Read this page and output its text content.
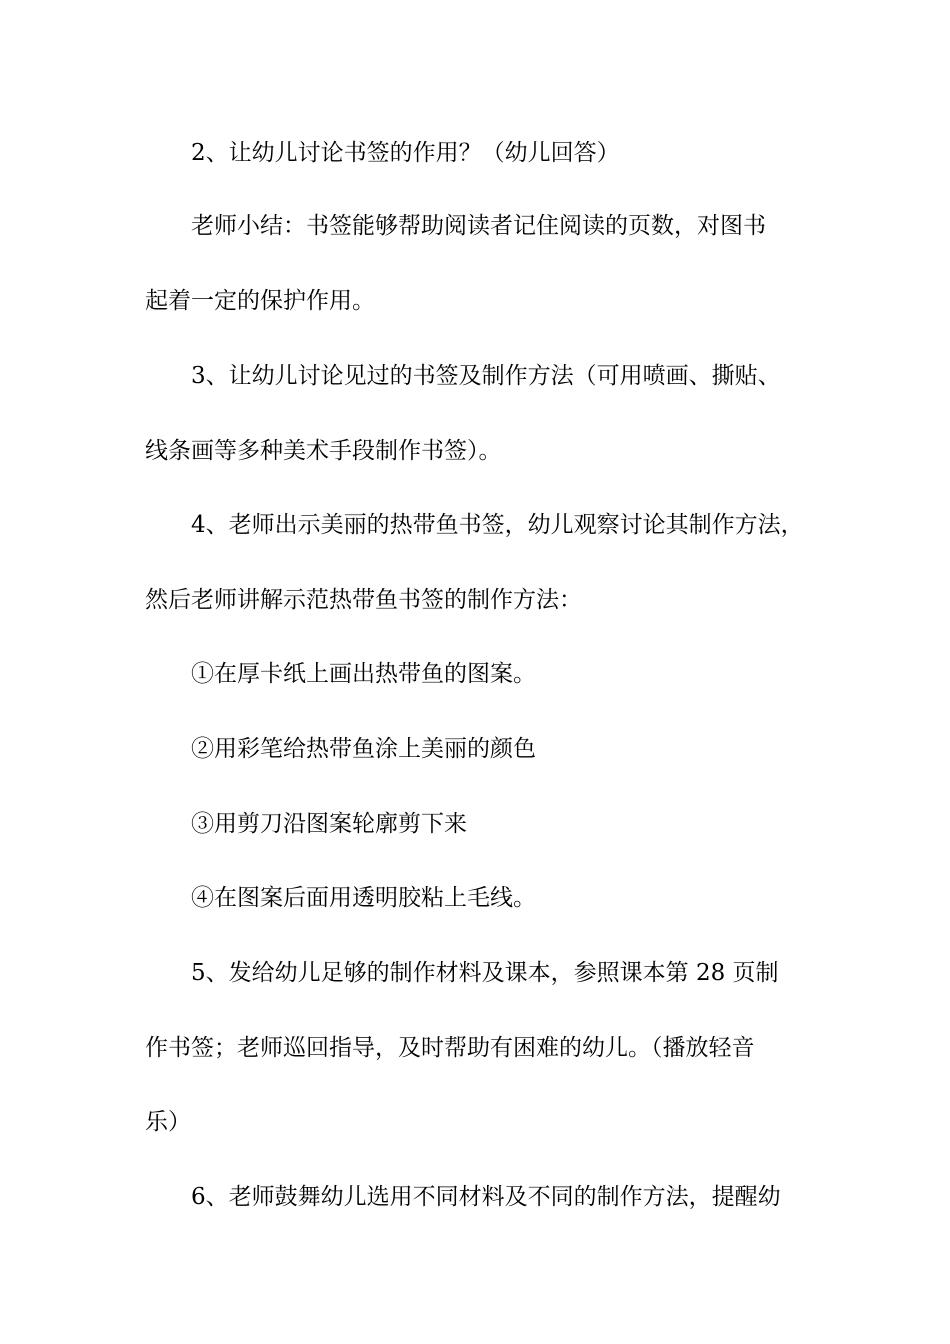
2、让幼儿讨论书签的作用？（幼儿回答）
老师小结：书签能够帮助阅读者记住阅读的页数，对图书
起着一定的保护作用。
3、让幼儿讨论见过的书签及制作方法（可用喷画、撕贴、
线条画等多种美术手段制作书签）。
4、老师出示美丽的热带鱼书签，幼儿观察讨论其制作方法，
然后老师讲解示范热带鱼书签的制作方法：
①在厚卡纸上画出热带鱼的图案。
②用彩笔给热带鱼涂上美丽的颜色
③用剪刀沿图案轮廓剪下来
④在图案后面用透明胶粘上毛线。
5、发给幼儿足够的制作材料及课本，参照课本第 28 页制
作书签；老师巡回指导，及时帮助有困难的幼儿。（播放轻音
乐）
6、老师鼓舞幼儿选用不同材料及不同的制作方法，提醒幼
